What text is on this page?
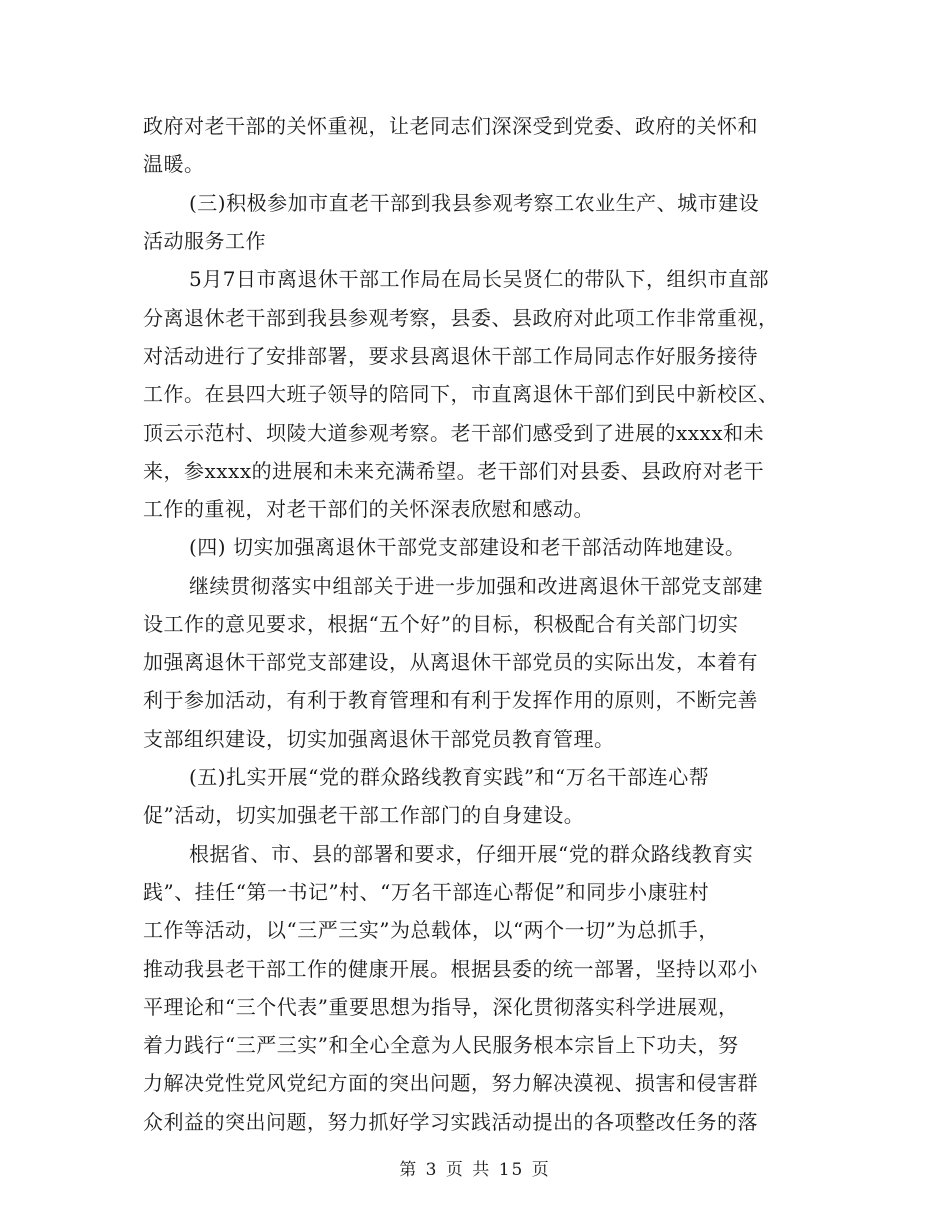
政府对老干部的关怀重视，让老同志们深深受到党委、政府的关怀和
温暖。
(三)积极参加市直老干部到我县参观考察工农业生产、城市建设
活动服务工作
5月7日市离退休干部工作局在局长吴贤仁的带队下，组织市直部
分离退休老干部到我县参观考察，县委、县政府对此项工作非常重视，
对活动进行了安排部署，要求县离退休干部工作局同志作好服务接待
工作。在县四大班子领导的陪同下，市直离退休干部们到民中新校区、
顶云示范村、坝陵大道参观考察。老干部们感受到了进展的xxxx和未
来，参xxxx的进展和未来充满希望。老干部们对县委、县政府对老干
工作的重视，对老干部们的关怀深表欣慰和感动。
(四) 切实加强离退休干部党支部建设和老干部活动阵地建设。
继续贯彻落实中组部关于进一步加强和改进离退休干部党支部建
设工作的意见要求，根据“五个好”的目标，积极配合有关部门切实
加强离退休干部党支部建设，从离退休干部党员的实际出发，本着有
利于参加活动，有利于教育管理和有利于发挥作用的原则，不断完善
支部组织建设，切实加强离退休干部党员教育管理。
(五)扎实开展“党的群众路线教育实践”和“万名干部连心帮
促”活动，切实加强老干部工作部门的自身建设。
根据省、市、县的部署和要求，仔细开展“党的群众路线教育实
践”、挂任“第一书记”村、“万名干部连心帮促”和同步小康驻村
工作等活动，以“三严三实”为总载体，以“两个一切”为总抓手，
推动我县老干部工作的健康开展。根据县委的统一部署，坚持以邓小
平理论和“三个代表”重要思想为指导，深化贯彻落实科学进展观，
着力践行“三严三实”和全心全意为人民服务根本宗旨上下功夫，努
力解决党性党风党纪方面的突出问题，努力解决漠视、损害和侵害群
众利益的突出问题，努力抓好学习实践活动提出的各项整改任务的落
第 3 页 共 15 页
